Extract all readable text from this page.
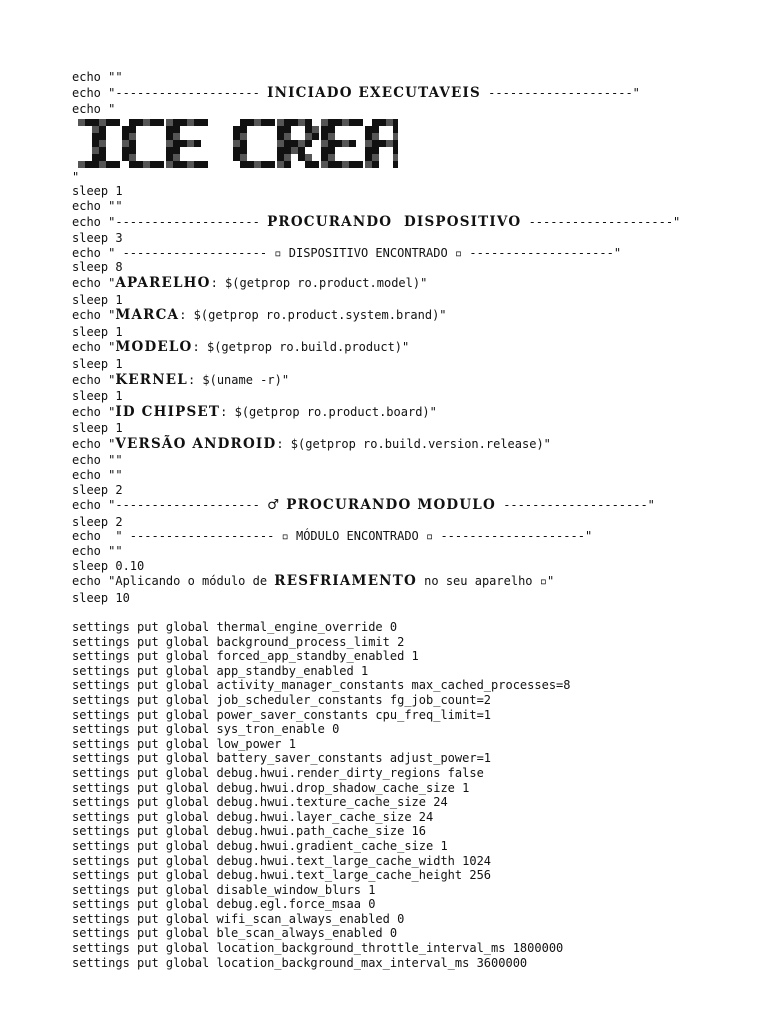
echo ""
echo "-------------------- INICIADO EXECUTAVEIS --------------------"
echo "
"
sleep 1
echo ""
echo "-------------------- PROCURANDO  DISPOSITIVO --------------------"
sleep 3
echo " -------------------- ▫ DISPOSITIVO ENCONTRADO ▫ --------------------"
sleep 8
echo "APARELHO: $(getprop ro.product.model)"
sleep 1
echo "MARCA: $(getprop ro.product.system.brand)"
sleep 1
echo "MODELO: $(getprop ro.build.product)"
sleep 1
echo "KERNEL: $(uname -r)"
sleep 1
echo "ID CHIPSET: $(getprop ro.product.board)"
sleep 1
echo "VERSÃO ANDROID: $(getprop ro.build.version.release)"
echo ""
echo ""
sleep 2
echo "-------------------- ♂ PROCURANDO MODULO --------------------"
sleep 2
echo  " -------------------- ▫ MÓDULO ENCONTRADO ▫ --------------------"
echo ""
sleep 0.10
echo "Aplicando o módulo de RESFRIAMENTO no seu aparelho ▫"
sleep 10
settings put global thermal_engine_override 0
settings put global background_process_limit 2
settings put global forced_app_standby_enabled 1
settings put global app_standby_enabled 1
settings put global activity_manager_constants max_cached_processes=8
settings put global job_scheduler_constants fg_job_count=2
settings put global power_saver_constants cpu_freq_limit=1
settings put global sys_tron_enable 0
settings put global low_power 1
settings put global battery_saver_constants adjust_power=1
settings put global debug.hwui.render_dirty_regions false
settings put global debug.hwui.drop_shadow_cache_size 1
settings put global debug.hwui.texture_cache_size 24
settings put global debug.hwui.layer_cache_size 24
settings put global debug.hwui.path_cache_size 16
settings put global debug.hwui.gradient_cache_size 1
settings put global debug.hwui.text_large_cache_width 1024
settings put global debug.hwui.text_large_cache_height 256
settings put global disable_window_blurs 1
settings put global debug.egl.force_msaa 0
settings put global wifi_scan_always_enabled 0
settings put global ble_scan_always_enabled 0
settings put global location_background_throttle_interval_ms 1800000
settings put global location_background_max_interval_ms 3600000
